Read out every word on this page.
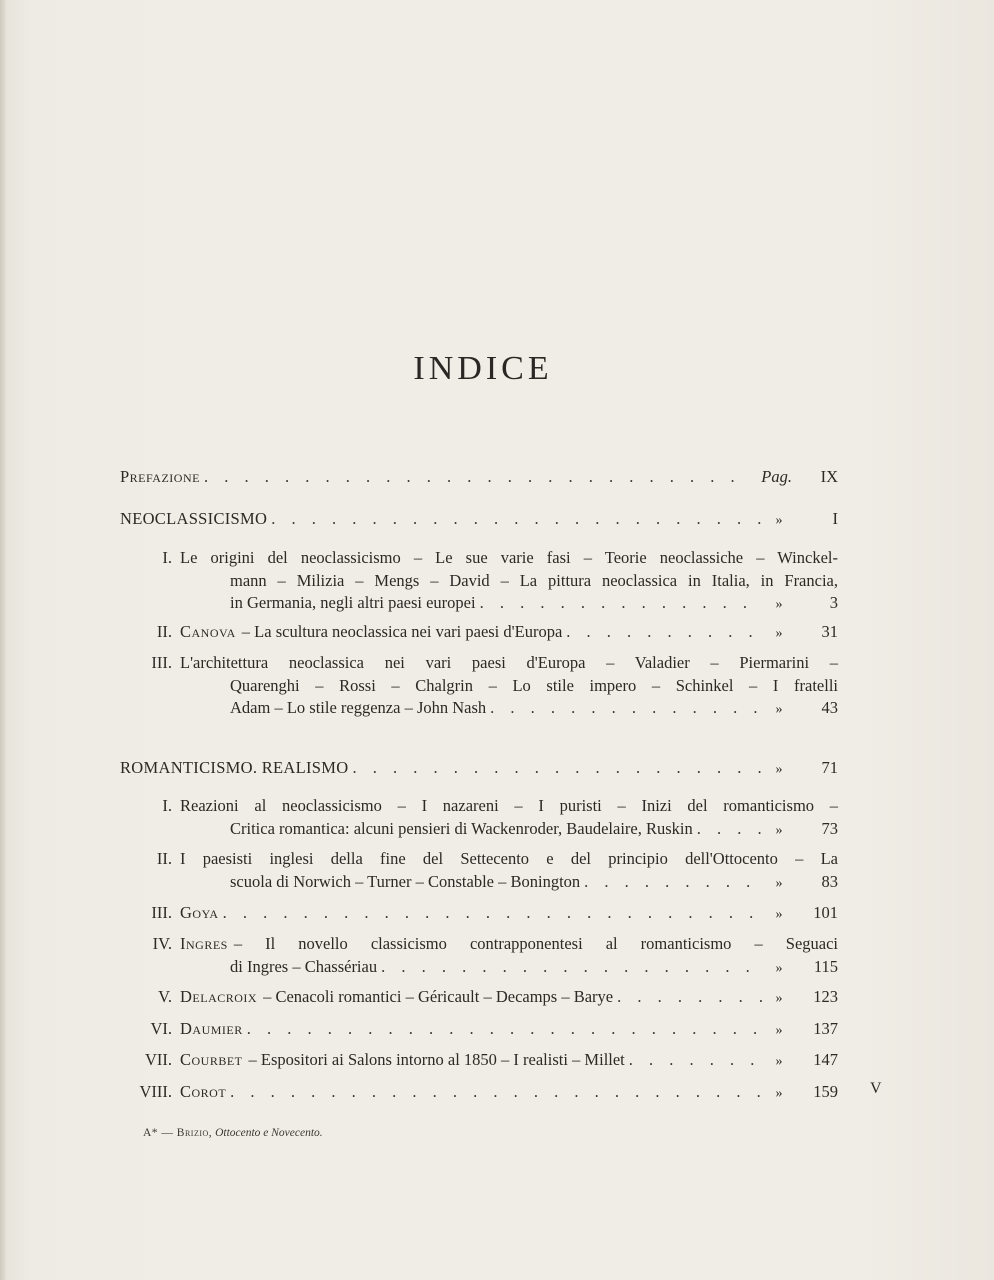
INDICE
Prefazione . . .	Pag.	IX
NEOCLASSICISMO . . .	»	I
I. Le origini del neoclassicismo – Le sue varie fasi – Teorie neoclassiche – Winckel-
mann – Milizia – Mengs – David – La pittura neoclassica in Italia, in Francia,
in Germania, negli altri paesi europei . . .	»	3
II. Canova – La scultura neoclassica nei vari paesi d'Europa . . .	»	31
III. L'architettura neoclassica nei vari paesi d'Europa – Valadier – Piermarini –
Quarenghi – Rossi – Chalgrin – Lo stile impero – Schinkel – I fratelli
Adam – Lo stile reggenza – John Nash . . .	»	43
ROMANTICISMO. REALISMO . . .	»	71
I. Reazioni al neoclassicismo – I nazareni – I puristi – Inizi del romanticismo –
Critica romantica: alcuni pensieri di Wackenroder, Baudelaire, Ruskin . . .	»	73
II. I paesisti inglesi della fine del Settecento e del principio dell'Ottocento – La
scuola di Norwich – Turner – Constable – Bonington . . .	»	83
III. Goya . . .	»	101
IV. Ingres – Il novello classicismo contrapponentesi al romanticismo – Seguaci
di Ingres – Chassériau . . .	»	115
V. Delacroix – Cenacoli romantici – Géricault – Decamps – Barye . . .	»	123
VI. Daumier . . .	»	137
VII. Courbet – Espositori ai Salons intorno al 1850 – I realisti – Millet . . .	»	147
VIII. Corot . . .	»	159 V
A* — Brizio, Ottocento e Novecento.
